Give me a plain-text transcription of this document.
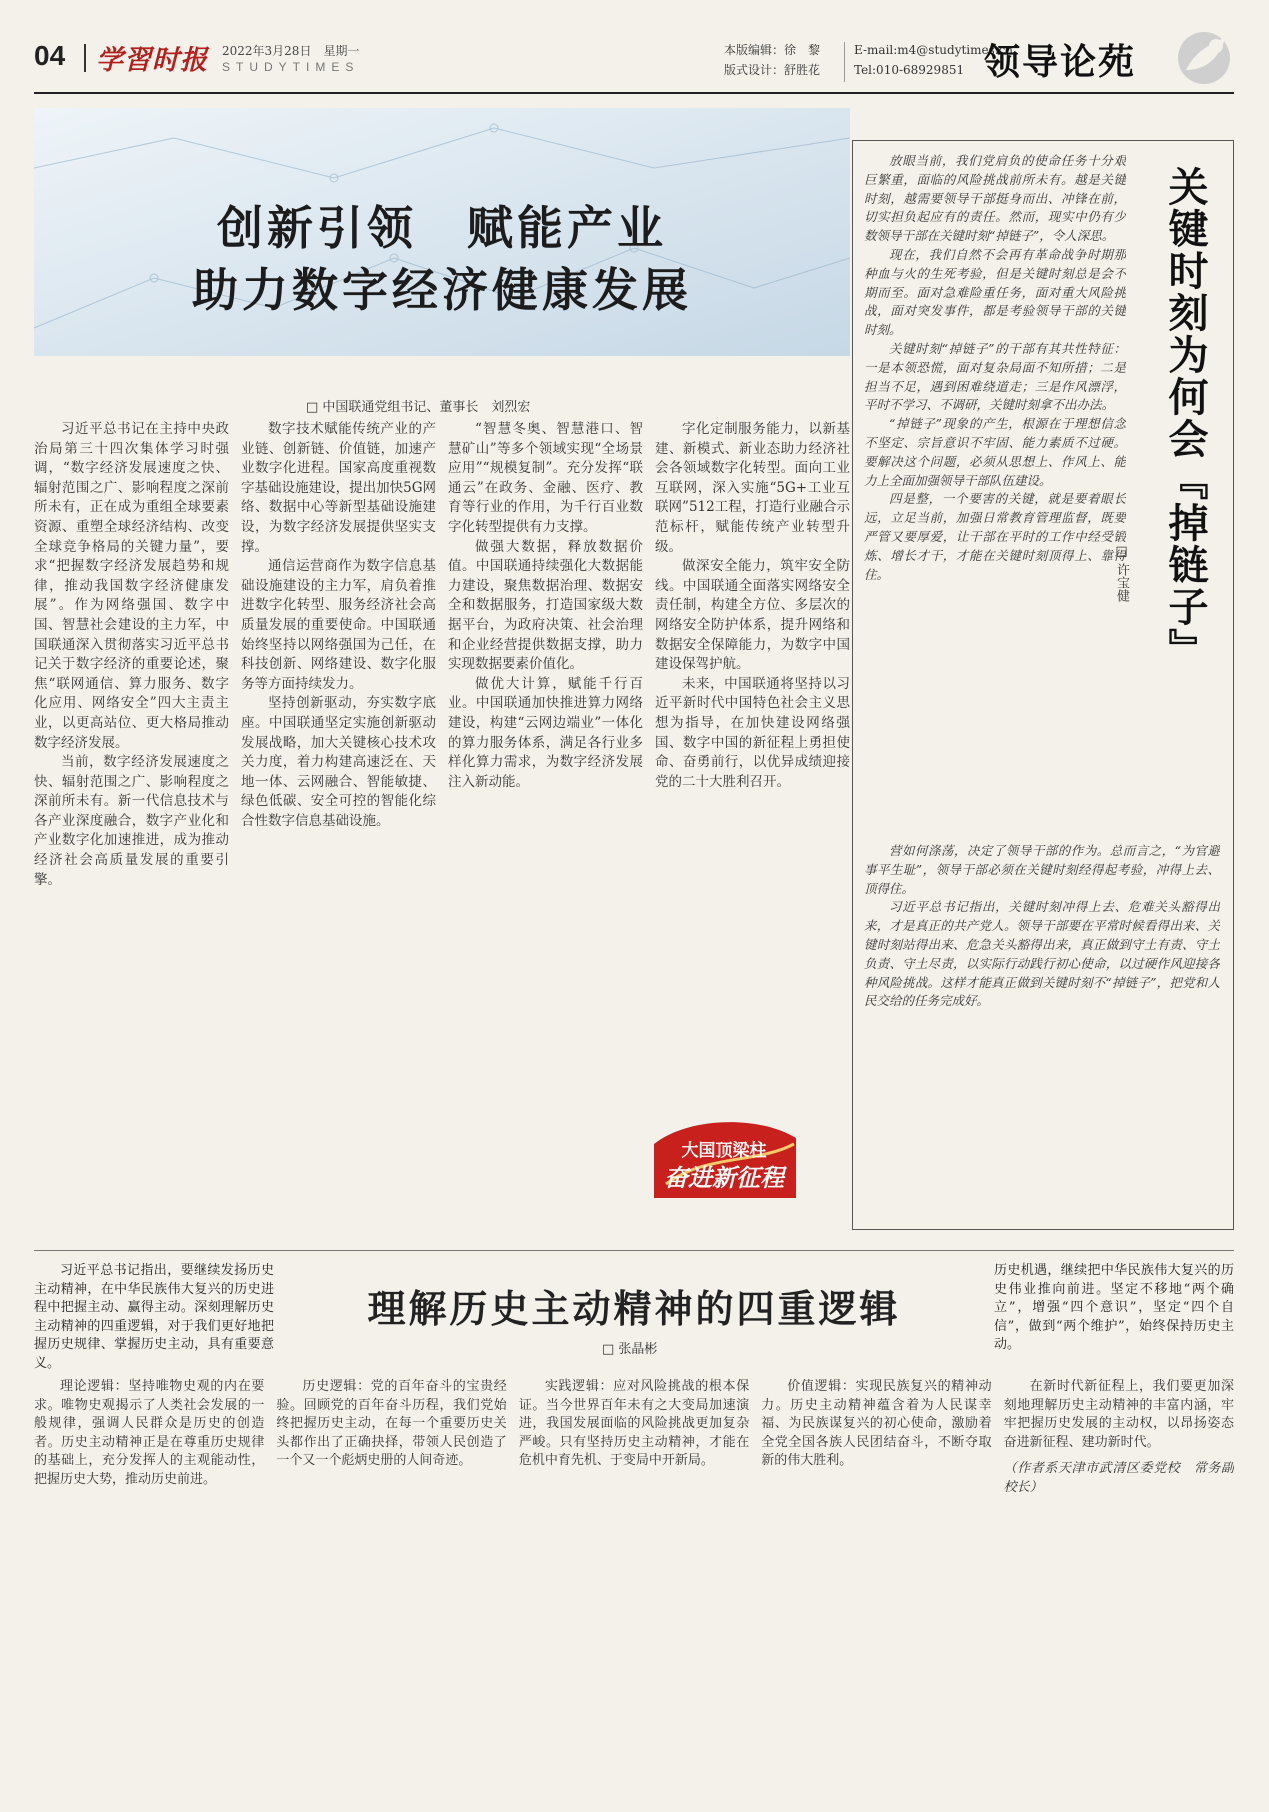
04 学習时报 2022年3月28日　星期一
STUDYTIMES
本版编辑：徐　黎
版式设计：舒胜花
E-mail:m4@studytimes.cn
Tel:010-68929851 领导论苑
创新引领　赋能产业
助力数字经济健康发展
□ 中国联通党组书记、董事长　刘烈宏

习近平总书记在主持中央政治局第三十四次集体学习时强调，“数字经济发展速度之快、辐射范围之广、影响程度之深前所未有，正在成为重组全球要素资源、重塑全球经济结构、改变全球竞争格局的关键力量”，要求“把握数字经济发展趋势和规律，推动我国数字经济健康发展”。作为网络强国、数字中国、智慧社会建设的主力军，中国联通深入贯彻落实习近平总书记关于数字经济的重要论述，聚焦“联网通信、算力服务、数字化应用、网络安全”四大主责主业，以更高站位、更大格局推动数字经济发展。

当前，数字经济发展速度之快、辐射范围之广、影响程度之深前所未有。新一代信息技术与各产业深度融合，数字产业化和产业数字化加速推进，成为推动经济社会高质量发展的重要引擎。

数字技术赋能传统产业的产业链、创新链、价值链，加速产业数字化进程。国家高度重视数字基础设施建设，提出加快5G网络、数据中心等新型基础设施建设，为数字经济发展提供坚实支撑。

通信运营商作为数字信息基础设施建设的主力军，肩负着推进数字化转型、服务经济社会高质量发展的重要使命。中国联通始终坚持以网络强国为己任，在科技创新、网络建设、数字化服务等方面持续发力。

坚持创新驱动，夯实数字底座。中国联通坚定实施创新驱动发展战略，加大关键核心技术攻关力度，着力构建高速泛在、天地一体、云网融合、智能敏捷、绿色低碳、安全可控的智能化综合性数字信息基础设施。

“智慧冬奥、智慧港口、智慧矿山”等多个领域实现“全场景应用”“规模复制”。充分发挥“联通云”在政务、金融、医疗、教育等行业的作用，为千行百业数字化转型提供有力支撑。

做强大数据，释放数据价值。中国联通持续强化大数据能力建设，聚焦数据治理、数据安全和数据服务，打造国家级大数据平台，为政府决策、社会治理和企业经营提供数据支撑，助力实现数据要素价值化。

做优大计算，赋能千行百业。中国联通加快推进算力网络建设，构建“云网边端业”一体化的算力服务体系，满足各行业多样化算力需求，为数字经济发展注入新动能。

字化定制服务能力，以新基建、新模式、新业态助力经济社会各领域数字化转型。面向工业互联网，深入实施“5G+工业互联网”512工程，打造行业融合示范标杆，赋能传统产业转型升级。

做深安全能力，筑牢安全防线。中国联通全面落实网络安全责任制，构建全方位、多层次的网络安全防护体系，提升网络和数据安全保障能力，为数字中国建设保驾护航。

未来，中国联通将坚持以习近平新时代中国特色社会主义思想为指导，在加快建设网络强国、数字中国的新征程上勇担使命、奋勇前行，以优异成绩迎接党的二十大胜利召开。

大国顶梁柱
奋进新征程

放眼当前，我们党肩负的使命任务十分艰巨繁重，面临的风险挑战前所未有。越是关键时刻，越需要领导干部挺身而出、冲锋在前，切实担负起应有的责任。然而，现实中仍有少数领导干部在关键时刻“掉链子”，令人深思。

现在，我们自然不会再有革命战争时期那种血与火的生死考验，但是关键时刻总是会不期而至。面对急难险重任务，面对重大风险挑战，面对突发事件，都是考验领导干部的关键时刻。

关键时刻“掉链子”的干部有其共性特征：一是本领恐慌，面对复杂局面不知所措；二是担当不足，遇到困难绕道走；三是作风漂浮，平时不学习、不调研，关键时刻拿不出办法。

“掉链子”现象的产生，根源在于理想信念不坚定、宗旨意识不牢固、能力素质不过硬。要解决这个问题，必须从思想上、作风上、能力上全面加强领导干部队伍建设。

四是整，一个要害的关键，就是要着眼长远，立足当前，加强日常教育管理监督，既要严管又要厚爱，让干部在平时的工作中经受锻炼、增长才干，才能在关键时刻顶得上、靠得住。	关键时刻为何会『掉链子』
□ 许宝健

营如何涤荡，决定了领导干部的作为。总而言之，“为官避事平生耻”，领导干部必须在关键时刻经得起考验，冲得上去、顶得住。

习近平总书记指出，关键时刻冲得上去、危难关头豁得出来，才是真正的共产党人。领导干部要在平常时候看得出来、关键时刻站得出来、危急关头豁得出来，真正做到守土有责、守土负责、守土尽责，以实际行动践行初心使命，以过硬作风迎接各种风险挑战。这样才能真正做到关键时刻不“掉链子”，把党和人民交给的任务完成好。

习近平总书记指出，要继续发扬历史主动精神，在中华民族伟大复兴的历史进程中把握主动、赢得主动。深刻理解历史主动精神的四重逻辑，对于我们更好地把握历史规律、掌握历史主动，具有重要意义。

理解历史主动精神的四重逻辑
□ 张晶彬

历史机遇，继续把中华民族伟大复兴的历史伟业推向前进。坚定不移地“两个确立”，增强“四个意识”，坚定“四个自信”，做到“两个维护”，始终保持历史主动。

理论逻辑：坚持唯物史观的内在要求。唯物史观揭示了人类社会发展的一般规律，强调人民群众是历史的创造者。历史主动精神正是在尊重历史规律的基础上，充分发挥人的主观能动性，把握历史大势，推动历史前进。

历史逻辑：党的百年奋斗的宝贵经验。回顾党的百年奋斗历程，我们党始终把握历史主动，在每一个重要历史关头都作出了正确抉择，带领人民创造了一个又一个彪炳史册的人间奇迹。

实践逻辑：应对风险挑战的根本保证。当今世界百年未有之大变局加速演进，我国发展面临的风险挑战更加复杂严峻。只有坚持历史主动精神，才能在危机中育先机、于变局中开新局。

价值逻辑：实现民族复兴的精神动力。历史主动精神蕴含着为人民谋幸福、为民族谋复兴的初心使命，激励着全党全国各族人民团结奋斗，不断夺取新的伟大胜利。

在新时代新征程上，我们要更加深刻地理解历史主动精神的丰富内涵，牢牢把握历史发展的主动权，以昂扬姿态奋进新征程、建功新时代。

（作者系天津市武清区委党校　常务副校长）
